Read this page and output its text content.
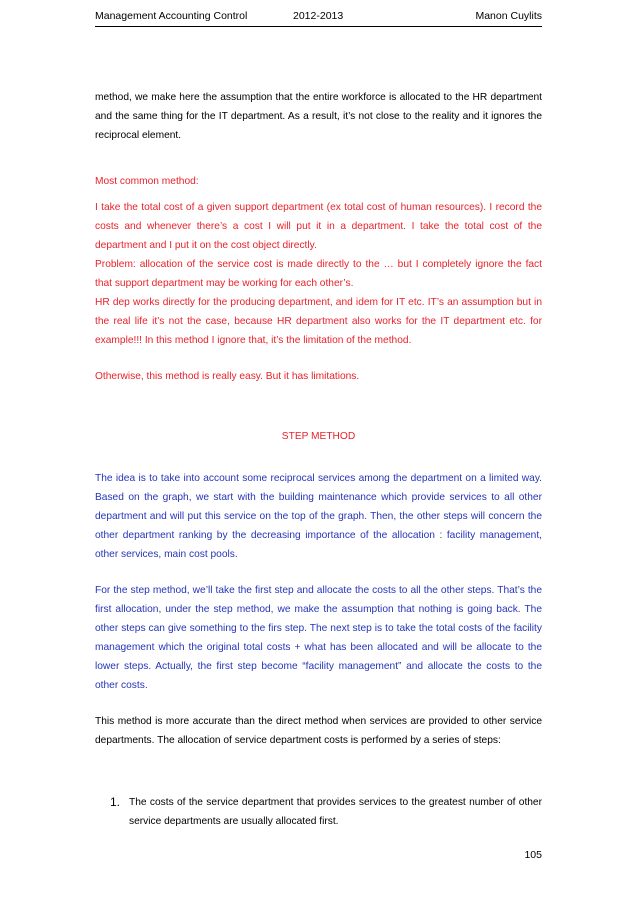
Management Accounting Control	2012-2013	Manon Cuylits

method, we make here the assumption that the entire workforce is allocated to the HR department and the same thing for the IT department. As a result, it’s not close to the reality and it ignores the reciprocal element.

Most common method:

I take the total cost of a given support department (ex total cost of human resources). I record the costs and whenever there’s a cost I will put it in a department. I take the total cost of the department and I put it on the cost object directly.

Problem: allocation of the service cost is made directly to the … but I completely ignore the fact that support department may be working for each other’s.

HR dep works directly for the producing department, and idem for IT etc. IT’s an assumption but in the real life it’s not the case, because HR department also works for the IT department etc. for example!!! In this method I ignore that, it’s the limitation of the method.

Otherwise, this method is really easy. But it has limitations.

STEP METHOD

The idea is to take into account some reciprocal services among the department on a limited way. Based on the graph, we start with the building maintenance which provide services to all other department and will put this service on the top of the graph. Then, the other steps will concern the other department ranking by the decreasing importance of the allocation : facility management, other services, main cost pools.

For the step method, we’ll take the first step and allocate the costs to all the other steps. That’s the first allocation, under the step method, we make the assumption that nothing is going back. The other steps can give something to the firs step. The next step is to take the total costs of the facility management which the original total costs + what has been allocated and will be allocate to the lower steps. Actually, the first step become “facility management” and allocate the costs to the other costs.

This method is more accurate than the direct method when services are provided to other service departments. The allocation of service department costs is performed by a series of steps:

1. The costs of the service department that provides services to the greatest number of other service departments are usually allocated first.
105
